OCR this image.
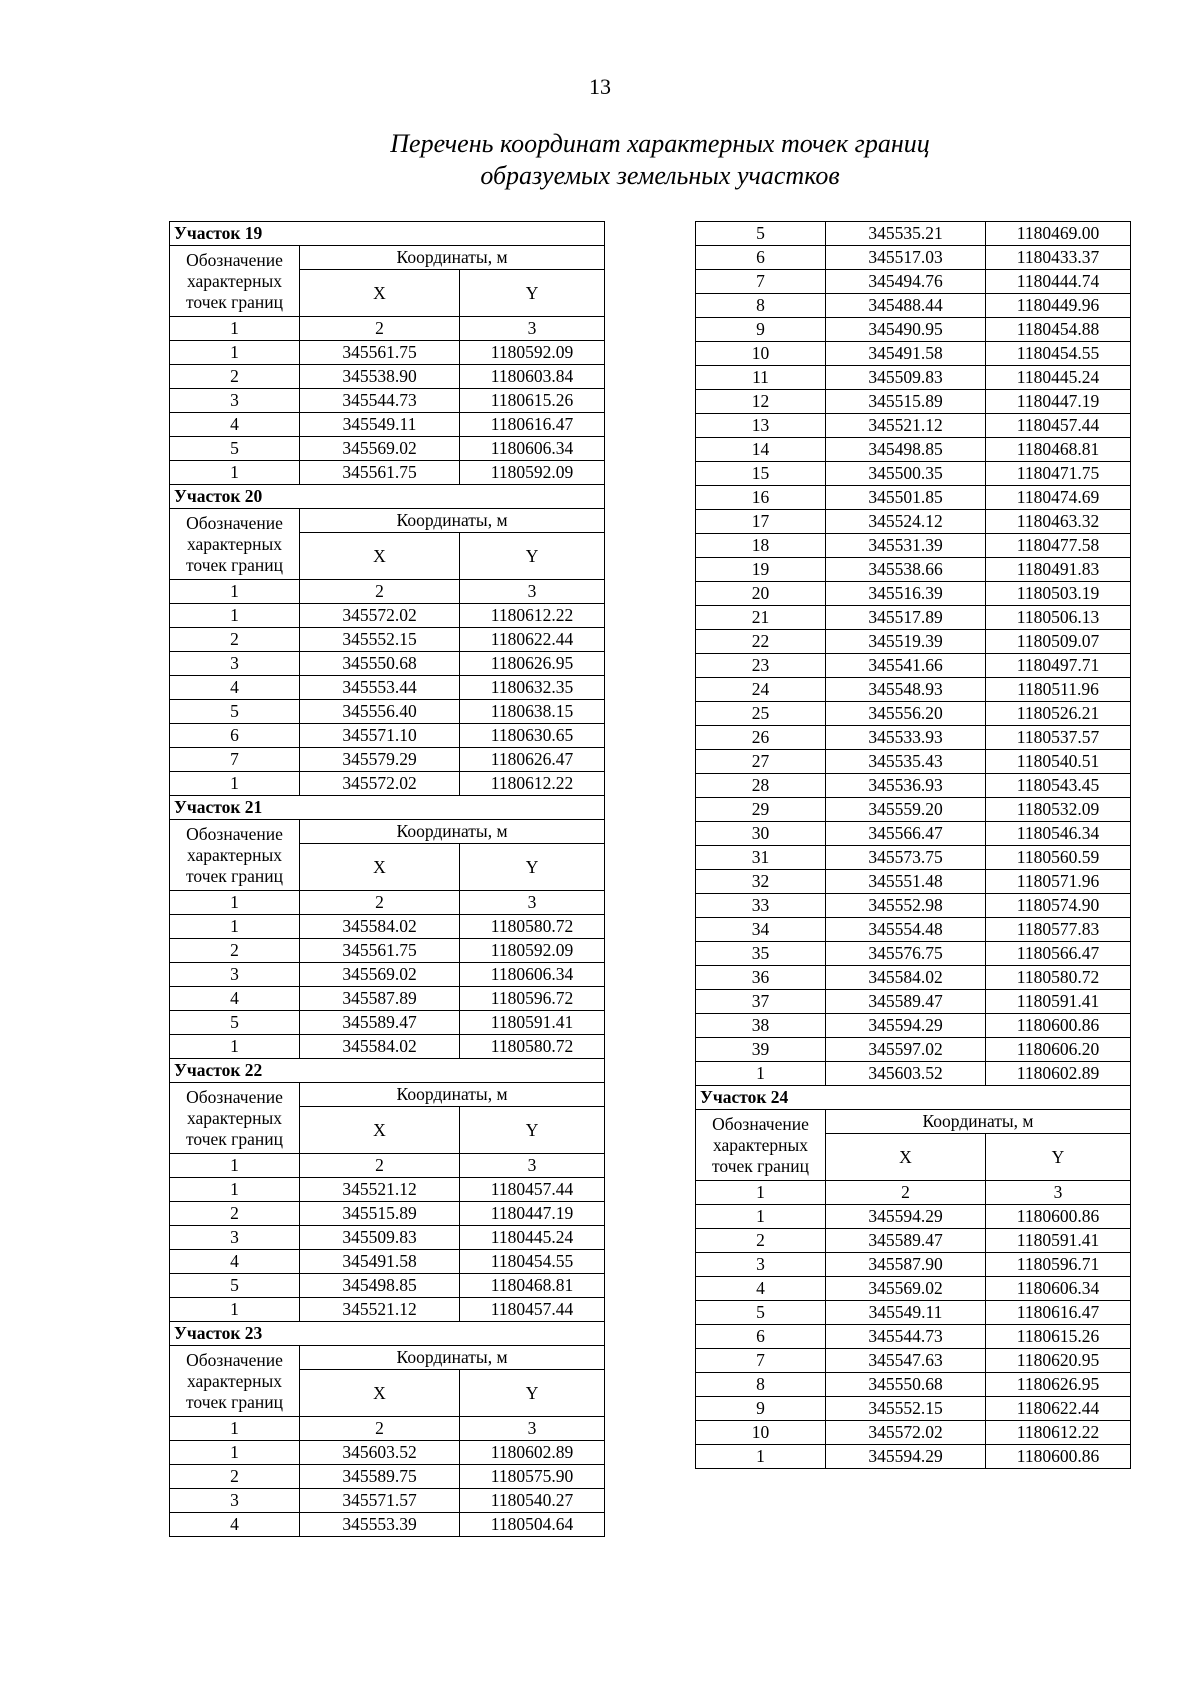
13
Перечень координат характерных точек границ
образуемых земельных участков
Участок 19		
Обозначение характерных точек границ	Координаты, м	
	X	Y
1	2	3
1	345561.75	1180592.09
2	345538.90	1180603.84
3	345544.73	1180615.26
4	345549.11	1180616.47
5	345569.02	1180606.34
1	345561.75	1180592.09
Участок 20		
Обозначение характерных точек границ	Координаты, м	
	X	Y
1	2	3
1	345572.02	1180612.22
2	345552.15	1180622.44
3	345550.68	1180626.95
4	345553.44	1180632.35
5	345556.40	1180638.15
6	345571.10	1180630.65
7	345579.29	1180626.47
1	345572.02	1180612.22
Участок 21		
Обозначение характерных точек границ	Координаты, м	
	X	Y
1	2	3
1	345584.02	1180580.72
2	345561.75	1180592.09
3	345569.02	1180606.34
4	345587.89	1180596.72
5	345589.47	1180591.41
1	345584.02	1180580.72
Участок 22		
Обозначение характерных точек границ	Координаты, м	
	X	Y
1	2	3
1	345521.12	1180457.44
2	345515.89	1180447.19
3	345509.83	1180445.24
4	345491.58	1180454.55
5	345498.85	1180468.81
1	345521.12	1180457.44
Участок 23		
Обозначение характерных точек границ	Координаты, м	
	X	Y
1	2	3
1	345603.52	1180602.89
2	345589.75	1180575.90
3	345571.57	1180540.27
4	345553.39	1180504.64
5	345535.21	1180469.00
6	345517.03	1180433.37
7	345494.76	1180444.74
8	345488.44	1180449.96
9	345490.95	1180454.88
10	345491.58	1180454.55
11	345509.83	1180445.24
12	345515.89	1180447.19
13	345521.12	1180457.44
14	345498.85	1180468.81
15	345500.35	1180471.75
16	345501.85	1180474.69
17	345524.12	1180463.32
18	345531.39	1180477.58
19	345538.66	1180491.83
20	345516.39	1180503.19
21	345517.89	1180506.13
22	345519.39	1180509.07
23	345541.66	1180497.71
24	345548.93	1180511.96
25	345556.20	1180526.21
26	345533.93	1180537.57
27	345535.43	1180540.51
28	345536.93	1180543.45
29	345559.20	1180532.09
30	345566.47	1180546.34
31	345573.75	1180560.59
32	345551.48	1180571.96
33	345552.98	1180574.90
34	345554.48	1180577.83
35	345576.75	1180566.47
36	345584.02	1180580.72
37	345589.47	1180591.41
38	345594.29	1180600.86
39	345597.02	1180606.20
1	345603.52	1180602.89
Участок 24		
Обозначение характерных точек границ	Координаты, м	
	X	Y
1	2	3
1	345594.29	1180600.86
2	345589.47	1180591.41
3	345587.90	1180596.71
4	345569.02	1180606.34
5	345549.11	1180616.47
6	345544.73	1180615.26
7	345547.63	1180620.95
8	345550.68	1180626.95
9	345552.15	1180622.44
10	345572.02	1180612.22
1	345594.29	1180600.86
